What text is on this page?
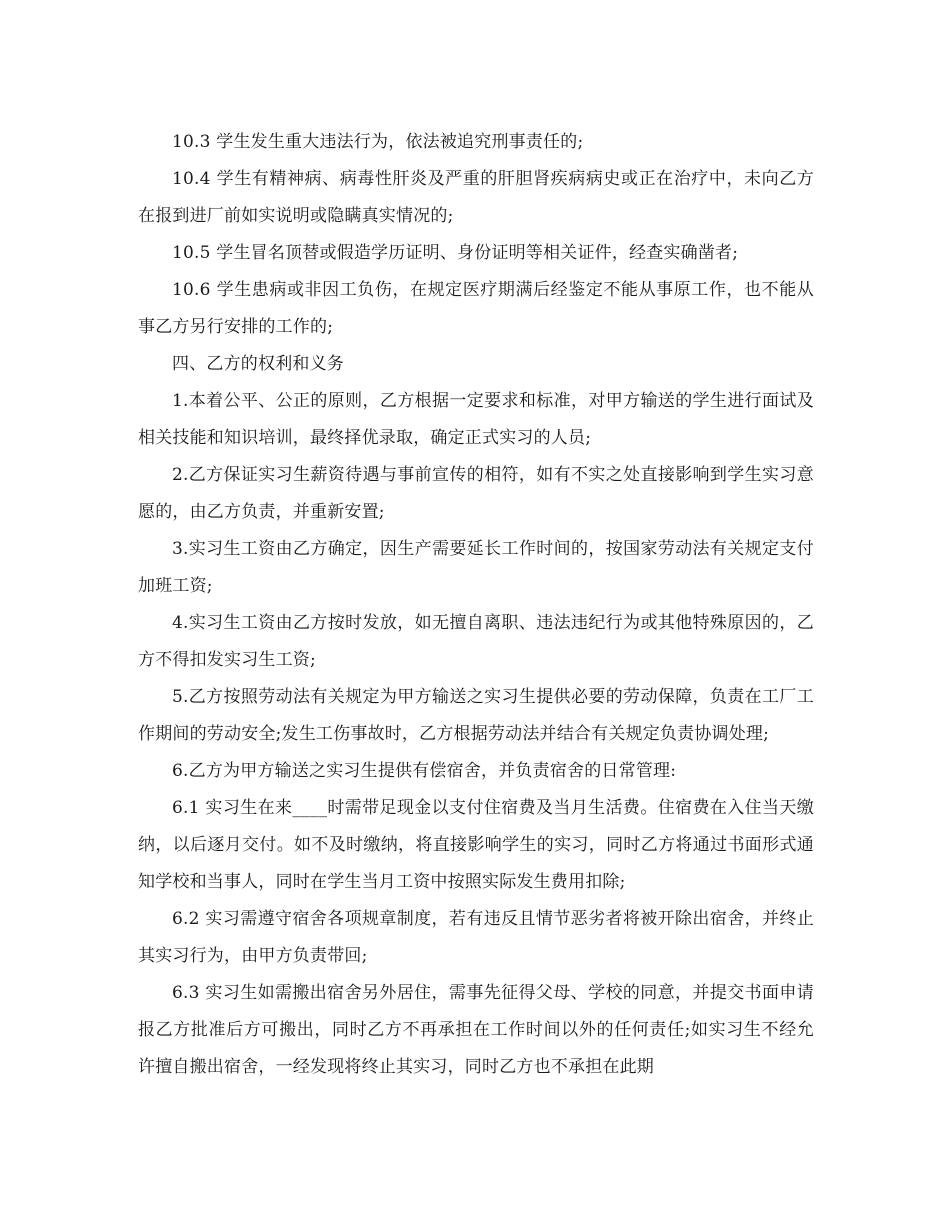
10.3 学生发生重大违法行为，依法被追究刑事责任的;

10.4 学生有精神病、病毒性肝炎及严重的肝胆肾疾病病史或正在治疗中，未向乙方在报到进厂前如实说明或隐瞒真实情况的;

10.5 学生冒名顶替或假造学历证明、身份证明等相关证件，经查实确凿者;

10.6 学生患病或非因工负伤，在规定医疗期满后经鉴定不能从事原工作，也不能从事乙方另行安排的工作的;

四、乙方的权利和义务

1.本着公平、公正的原则，乙方根据一定要求和标准，对甲方输送的学生进行面试及相关技能和知识培训，最终择优录取，确定正式实习的人员;

2.乙方保证实习生薪资待遇与事前宣传的相符，如有不实之处直接影响到学生实习意愿的，由乙方负责，并重新安置;

3.实习生工资由乙方确定，因生产需要延长工作时间的，按国家劳动法有关规定支付加班工资;

4.实习生工资由乙方按时发放，如无擅自离职、违法违纪行为或其他特殊原因的，乙方不得扣发实习生工资;

5.乙方按照劳动法有关规定为甲方输送之实习生提供必要的劳动保障，负责在工厂工作期间的劳动安全;发生工伤事故时，乙方根据劳动法并结合有关规定负责协调处理;

6.乙方为甲方输送之实习生提供有偿宿舍，并负责宿舍的日常管理:

6.1 实习生在来____时需带足现金以支付住宿费及当月生活费。住宿费在入住当天缴纳，以后逐月交付。如不及时缴纳，将直接影响学生的实习，同时乙方将通过书面形式通知学校和当事人，同时在学生当月工资中按照实际发生费用扣除;

6.2 实习需遵守宿舍各项规章制度，若有违反且情节恶劣者将被开除出宿舍，并终止其实习行为，由甲方负责带回;

6.3 实习生如需搬出宿舍另外居住，需事先征得父母、学校的同意，并提交书面申请报乙方批准后方可搬出，同时乙方不再承担在工作时间以外的任何责任;如实习生不经允许擅自搬出宿舍，一经发现将终止其实习，同时乙方也不承担在此期
